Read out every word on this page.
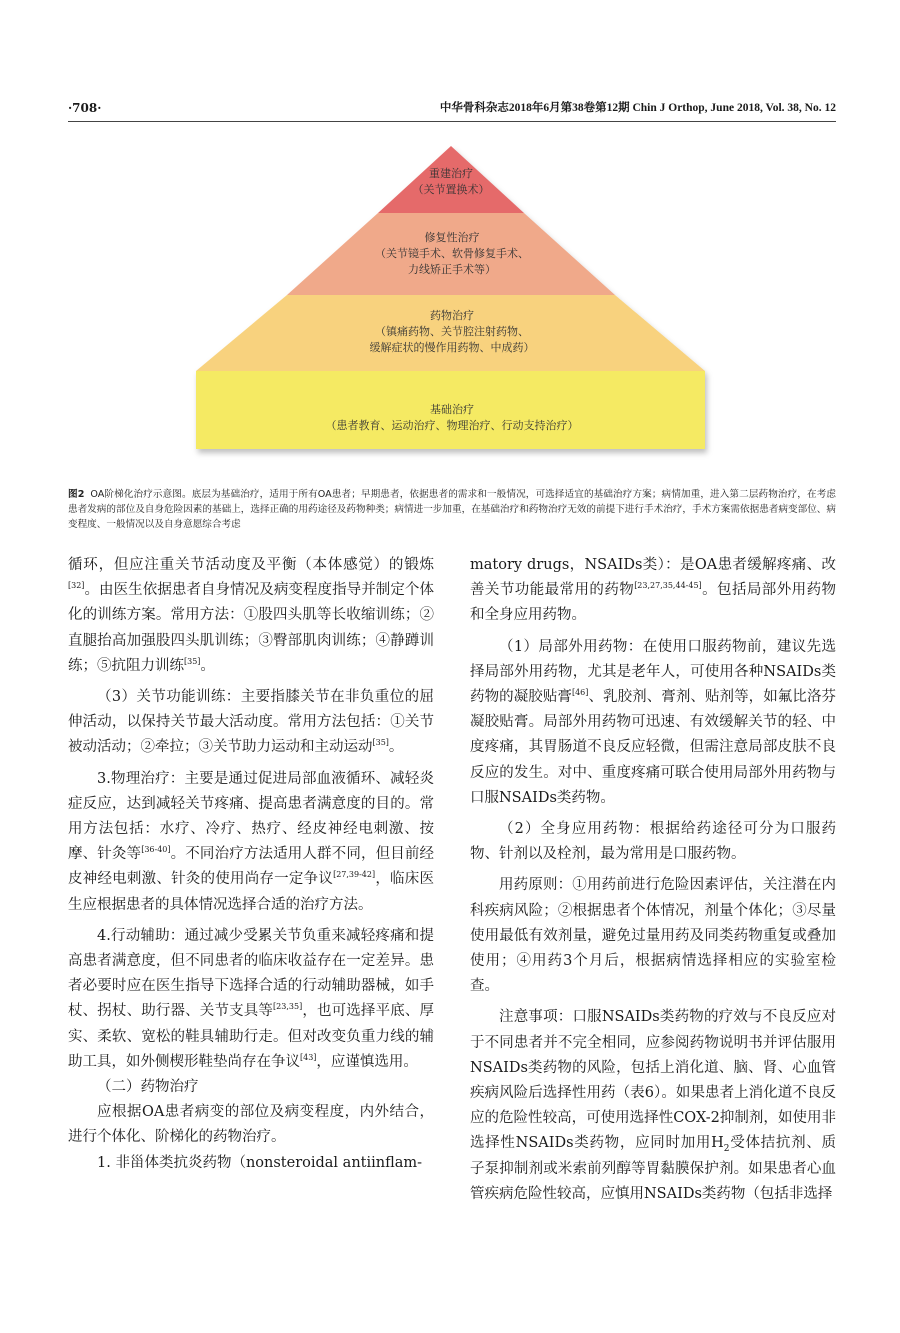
·708·	中华骨科杂志2018年6月第38卷第12期 Chin J Orthop, June 2018, Vol. 38, No. 12
重建治疗
（关节置换术）
修复性治疗
（关节镜手术、软骨修复手术、
力线矫正手术等）
药物治疗
（镇痛药物、关节腔注射药物、
缓解症状的慢作用药物、中成药）
基础治疗
（患者教育、运动治疗、物理治疗、行动支持治疗）
图2 OA阶梯化治疗示意图。底层为基础治疗，适用于所有OA患者；早期患者，依据患者的需求和一般情况，可选择适宜的基础治疗方案；病情加重，进入第二层药物治疗，在考虑患者发病的部位及自身危险因素的基础上，选择正确的用药途径及药物种类；病情进一步加重，在基础治疗和药物治疗无效的前提下进行手术治疗，手术方案需依据患者病变部位、病变程度、一般情况以及自身意愿综合考虑

循环，但应注重关节活动度及平衡（本体感觉）的锻炼[32]。由医生依据患者自身情况及病变程度指导并制定个体化的训练方案。常用方法：①股四头肌等长收缩训练；②直腿抬高加强股四头肌训练；③臀部肌肉训练；④静蹲训练；⑤抗阻力训练[35]。

（3）关节功能训练：主要指膝关节在非负重位的屈伸活动，以保持关节最大活动度。常用方法包括：①关节被动活动；②牵拉；③关节助力运动和主动运动[35]。

3.物理治疗：主要是通过促进局部血液循环、减轻炎症反应，达到减轻关节疼痛、提高患者满意度的目的。常用方法包括：水疗、冷疗、热疗、经皮神经电刺激、按摩、针灸等[36-40]。不同治疗方法适用人群不同，但目前经皮神经电刺激、针灸的使用尚存一定争议[27,39-42]，临床医生应根据患者的具体情况选择合适的治疗方法。

4.行动辅助：通过减少受累关节负重来减轻疼痛和提高患者满意度，但不同患者的临床收益存在一定差异。患者必要时应在医生指导下选择合适的行动辅助器械，如手杖、拐杖、助行器、关节支具等[23,35]，也可选择平底、厚实、柔软、宽松的鞋具辅助行走。但对改变负重力线的辅助工具，如外侧楔形鞋垫尚存在争议[43]，应谨慎选用。

（二）药物治疗

应根据OA患者病变的部位及病变程度，内外结合，进行个体化、阶梯化的药物治疗。

1. 非甾体类抗炎药物（nonsteroidal antiinflam-

matory drugs，NSAIDs类）：是OA患者缓解疼痛、改善关节功能最常用的药物[23,27,35,44-45]。包括局部外用药物和全身应用药物。

（1）局部外用药物：在使用口服药物前，建议先选择局部外用药物，尤其是老年人，可使用各种NSAIDs类药物的凝胶贴膏[46]、乳胶剂、膏剂、贴剂等，如氟比洛芬凝胶贴膏。局部外用药物可迅速、有效缓解关节的轻、中度疼痛，其胃肠道不良反应轻微，但需注意局部皮肤不良反应的发生。对中、重度疼痛可联合使用局部外用药物与口服NSAIDs类药物。

（2）全身应用药物：根据给药途径可分为口服药物、针剂以及栓剂，最为常用是口服药物。

用药原则：①用药前进行危险因素评估，关注潜在内科疾病风险；②根据患者个体情况，剂量个体化；③尽量使用最低有效剂量，避免过量用药及同类药物重复或叠加使用；④用药3个月后，根据病情选择相应的实验室检查。

注意事项：口服NSAIDs类药物的疗效与不良反应对于不同患者并不完全相同，应参阅药物说明书并评估服用NSAIDs类药物的风险，包括上消化道、脑、肾、心血管疾病风险后选择性用药（表6）。如果患者上消化道不良反应的危险性较高，可使用选择性COX-2抑制剂，如使用非选择性NSAIDs类药物，应同时加用$H_2$受体拮抗剂、质子泵抑制剂或米索前列醇等胃黏膜保护剂。如果患者心血管疾病危险性较高，应慎用NSAIDs类药物（包括非选择
